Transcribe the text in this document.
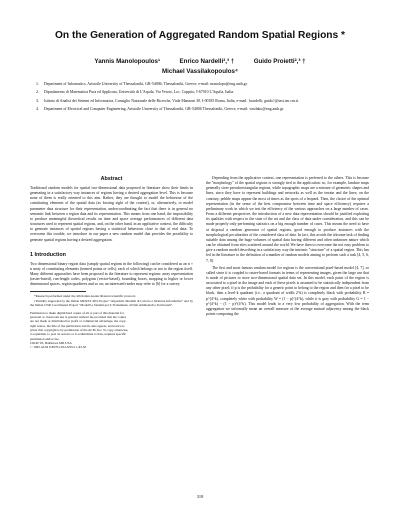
On the Generation of Aggregated Random Spatial Regions *
Yannis Manolopoulos¹	Enrico Nardelli²,³ †	Guido Proietti²,³ †
Michael Vassilakopoulos⁴
1.	Department of Informatics, Aristotle University of Thessaloniki, GR-54006, Thessaloniki, Greece, e-mail: manolopo@eng.auth.gr.
2.	Dipartimento di Matematica Pura ed Applicata, Università di L'Aquila, Via Vetoio, Loc. Coppito, I-67010 L'Aquila, Italia.
3.	Istituto di Analisi dei Sistemi ed Informatica, Consiglio Nazionale delle Ricerche, Viale Manzoni 30, I-00185 Roma, Italia, e-mail: {nardelli, guido}@iasi.rm.cnr.it.
4.	Department of Electrical and Computer Engineering, Aristotle University of Thessaloniki, GR-54006 Thessaloniki, Greece, e-mail: vasilako@eng.auth.gr.
Abstract

Traditional random models for spatial two-dimensional data proposed in literature show their limits in generating in a satisfactory way instances of regions having a desired aggregation level. This is because none of them is really oriented to this aim. Rather, they are thought to model the behaviour of the constituting elements of the spatial data (as loosing sight of the context), or, alternatively, to model parameter data structure for their representation, undercoordinating the fact that there is in general no semantic link between a region data and its representation. This means from one hand, the impossibility to produce meaningful theoretical results on time and space average performances of different data structures used to represent spatial regions, and, on the other hand, in an applicative context, the difficulty to generate instances of spatial regions having a statistical behaviour close to that of real data. To overcome this trouble, we introduce in our paper a new random model that provides the possibility to generate spatial regions having a desired aggregation.

1 Introduction

Two dimensional binary region data (simply spatial regions in the following) can be considered as an n × n array of constituting elements (termed points or cells), each of which belongs or not to the region itself. Many different approaches have been proposed in the literature to represent regions: array representation (raster-based), run-length codes, polygons (vector-based), bounding boxes, mapping to higher or lower dimensional spaces, region quadtrees and so on; an interested reader may refer to [6] for a survey.

*Research performed under the 4th Italian-Greek bilateral scientific protocol.

†Partially supported by the Italian MURST 40% Project "Algoritmi, Modelli di Calcolo e Strutture Informative" and by the Italian CNR Coordinated Project "Modelli e Sistemi per il Trattamento di Dati Ambientali e Territoriali".

Permission to make digital/hard copies of all or part of this material for
personal or classroom use is granted without fee provided that the copies
are not made or distributed for profit or commercial advantage, the copy-
right notice, the title of the publication and its date appear, and notice is
given that copyright is by permission of the ACM, Inc. To copy otherwise,
to republish, to post on servers or to redistribute to lists, requires specific
permission and/or fee.
CIKM '95, Baltimore MD USA
© 1995 ACM 0-89791-812-6/95/11..$3.50

Depending from the applicative context, one representation is preferred to the others. This is because the "morphology" of the spatial regions is strongly tied to the application: so, for example, landuse maps generally store pseudorectangular regions, while topographic maps are a mixture of geometric shapes and lines, since they have to represent buildings and networks as well as the terrain and the lines; on the contrary, pebble maps appear the most of times as the spots of a leopard. Then, the choice of the optimal representation (in the sense of the best compromise between time and space efficiency) requires a preliminary work in which we test the efficiency of the various approaches on a large number of cases. From a different perspective, the introduction of a new data representation should be justified exploiting its qualities with respect to the state of the art and the class of data under consideration, and this can be made properly only performing statistics on a big enough number of cases. This means the need to have at disposal a random generator of spatial regions, good enough to produce instances with the morphological peculiarities of the considered class of data. In fact, this avoids the irksome task of finding suitable data among the huge volumes of spatial data having different and often unknown nature which can be obtained from sites scattered around the world. We have then to overcome the not easy problem to give a random model describing in a satisfactory way the intrinsic "structure" of a spatial region. This has led in the literature to the definition of a number of random models aiming to perform such a task [4, 5, 6, 7, 8].

The first and most famous random model for regions is the conventional pixel-based model [4, 7], so called since it is coupled to raster-based formats in terms of representing images, given the large use that is made of pictures to store two-dimensional spatial data set. In this model, each point of the region is associated to a pixel in the image and each of these pixels is assumed to be statistically independent from any other pixel; if p is the probability for a generic point to belong to the region and then for a pixel to be black, then a level-k quadrant (i.e., a quadrant of width 2^k) is completely black with probability B = p^(4^k), completely white with probability W = (1 − p)^(4^k), while it is gray with probability G = 1 − p^(4^k) − (1 − p)^(4^k). This model leads to a very low probability of aggregation. With the term aggregation we informally mean an overall measure of the average mutual adjacency among the black points composing the

318
